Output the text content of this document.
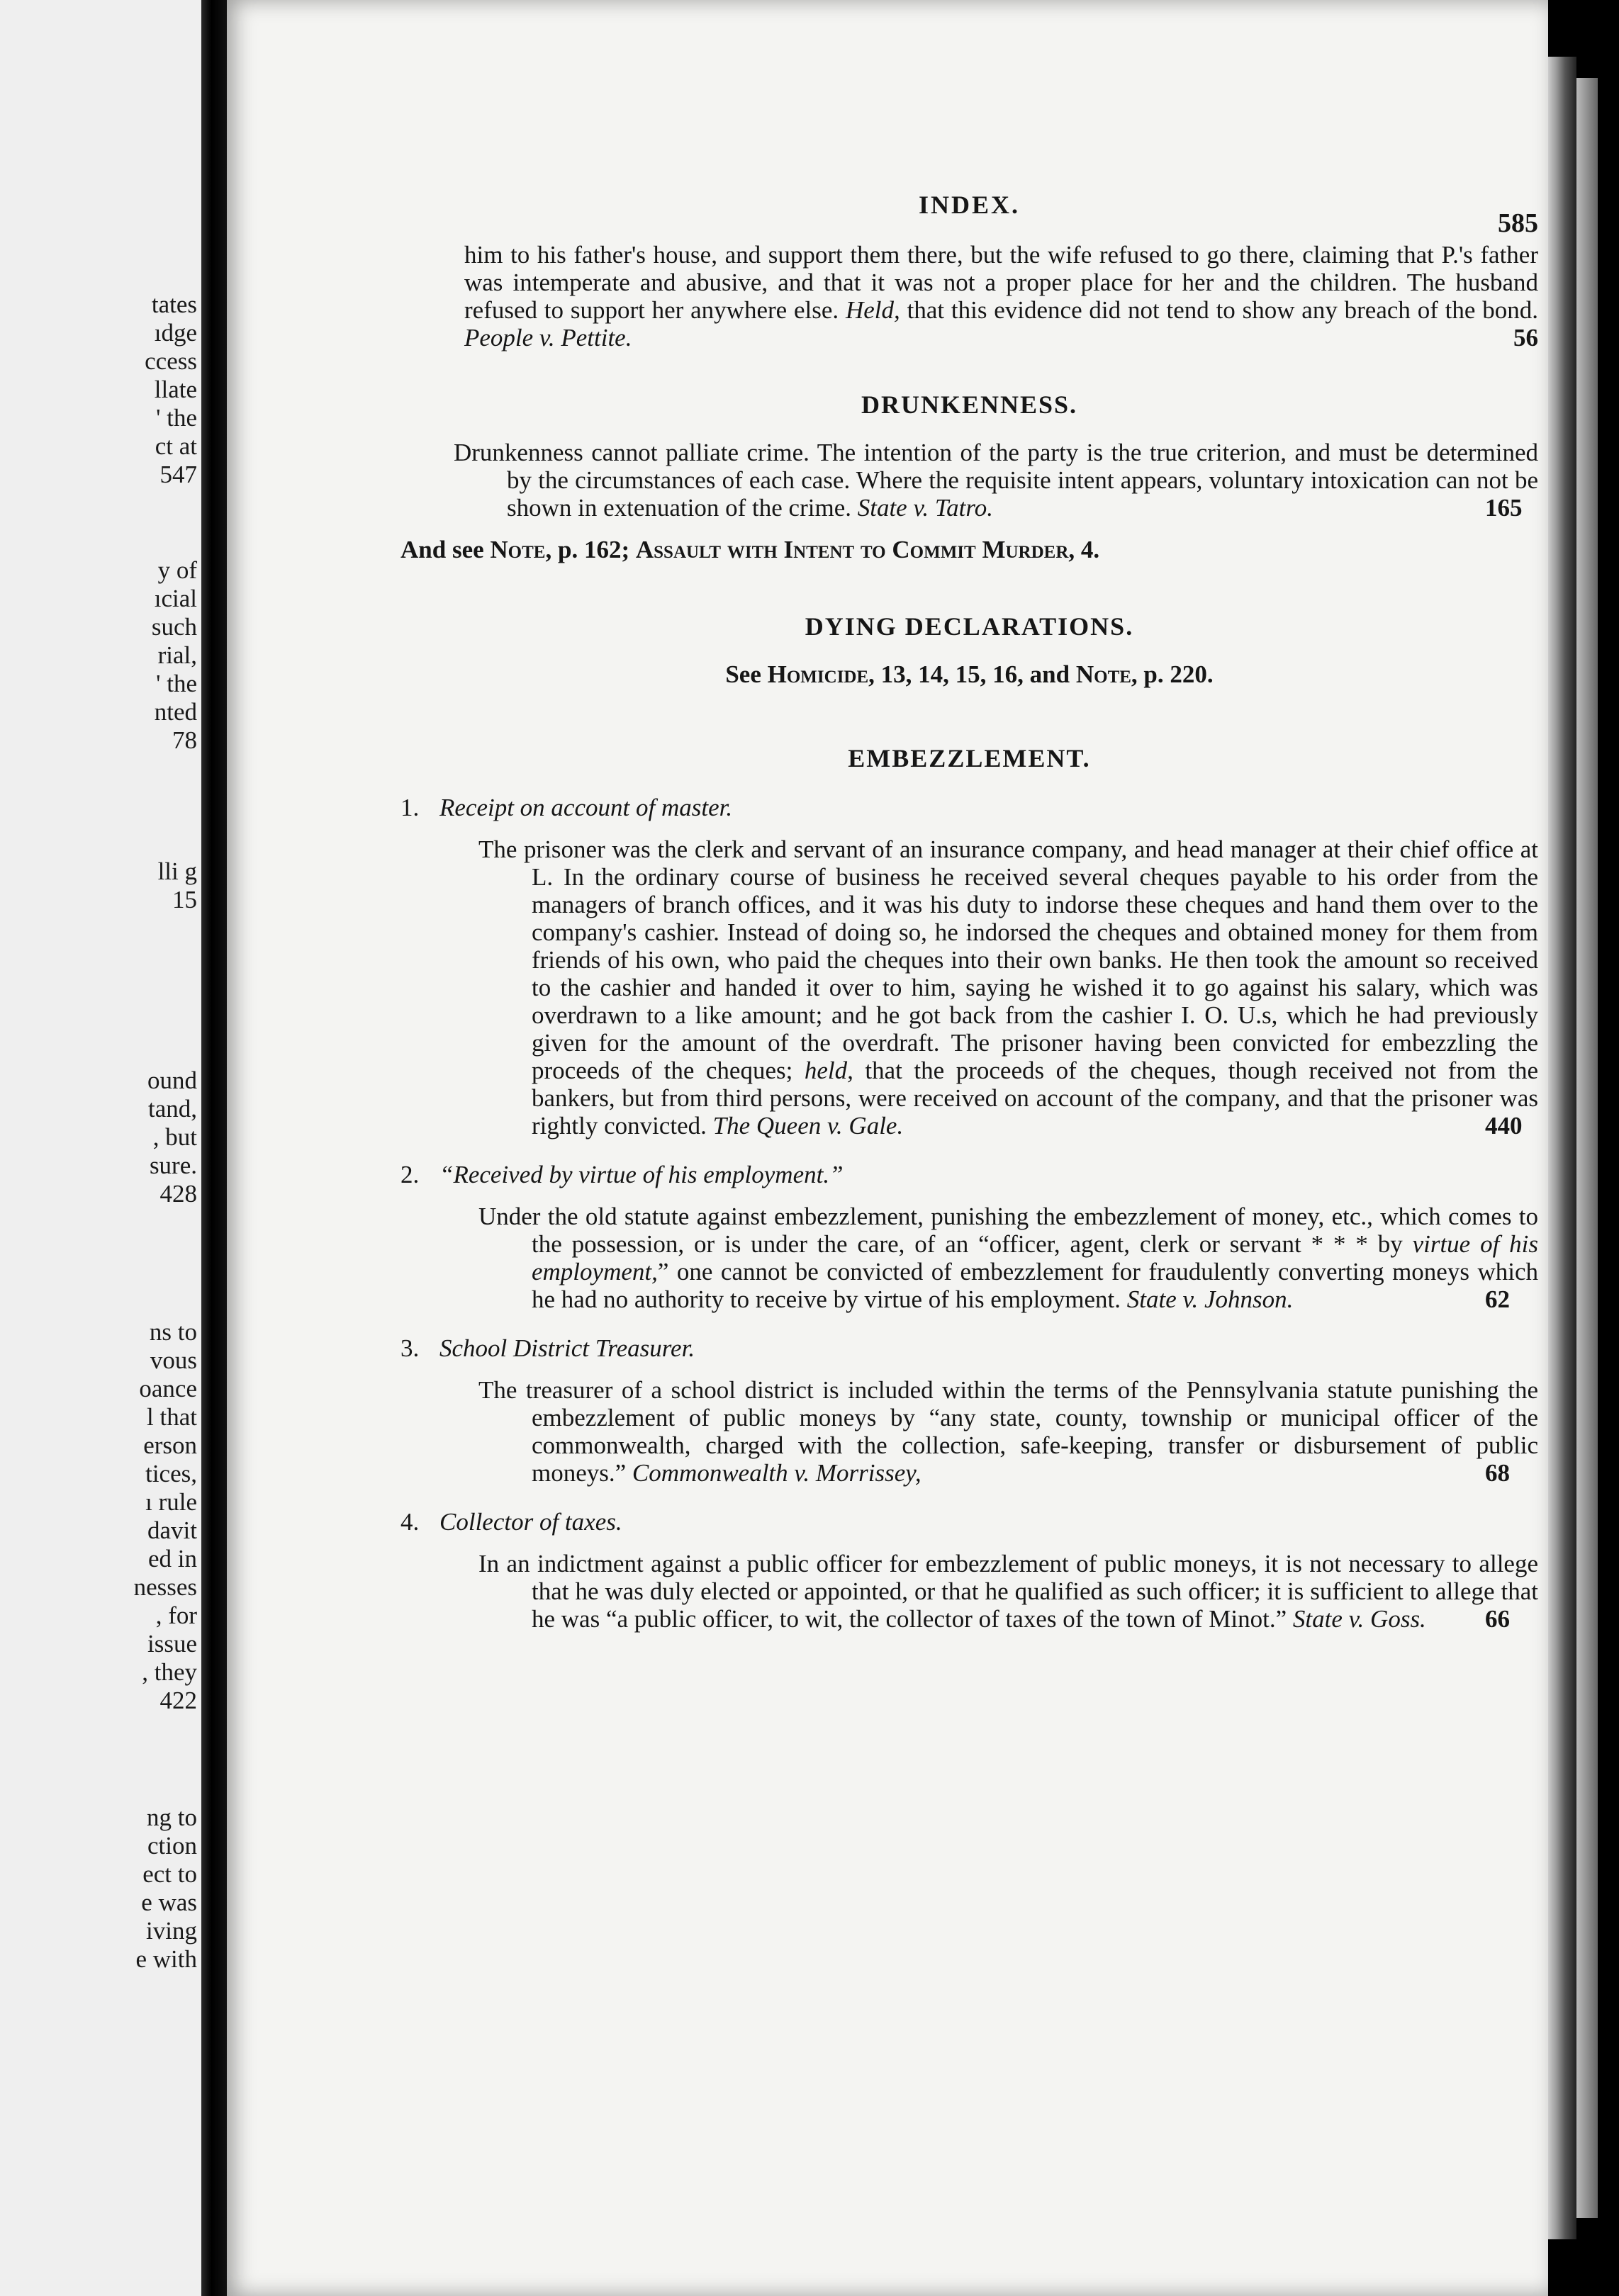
tates
ıdge
ccess
llate
' the
ct at
547
y of
ıcial
such
rial,
' the
nted
78
lli g
15
ound
tand,
, but
sure.
428
ns to
vous
oance
l that
erson
tices,
ı rule
davit
ed in
nesses
, for
issue
, they
422
ng to
ction
ect to
e was
iving
e with
INDEX.
585

him to his father's house, and support them there, but the wife refused to go there, claiming that P.'s father was intemperate and abusive, and that it was not a proper place for her and the children. The husband refused to support her anywhere else. Held, that this evidence did not tend to show any breach of the bond. People v. Pettite.	56

DRUNKENNESS.

Drunkenness cannot palliate crime. The intention of the party is the true criterion, and must be determined by the circumstances of each case. Where the requisite intent appears, voluntary intoxication can not be shown in extenuation of the crime. State v. Tatro.	165

And see Note, p. 162; Assault with Intent to Commit Murder, 4.

DYING DECLARATIONS.

See Homicide, 13, 14, 15, 16, and Note, p. 220.

EMBEZZLEMENT.
1. Receipt on account of master.

The prisoner was the clerk and servant of an insurance company, and head manager at their chief office at L. In the ordinary course of business he received several cheques payable to his order from the managers of branch offices, and it was his duty to indorse these cheques and hand them over to the company's cashier. Instead of doing so, he indorsed the cheques and obtained money for them from friends of his own, who paid the cheques into their own banks. He then took the amount so received to the cashier and handed it over to him, saying he wished it to go against his salary, which was overdrawn to a like amount; and he got back from the cashier I. O. U.s, which he had previously given for the amount of the overdraft. The prisoner having been convicted for embezzling the proceeds of the cheques; held, that the proceeds of the cheques, though received not from the bankers, but from third persons, were received on account of the company, and that the prisoner was rightly convicted. The Queen v. Gale.	440

2. “Received by virtue of his employment.”

Under the old statute against embezzlement, punishing the embezzlement of money, etc., which comes to the possession, or is under the care, of an “officer, agent, clerk or servant * * * by virtue of his employment,” one cannot be convicted of embezzlement for fraudulently converting moneys which he had no authority to receive by virtue of his employment. State v. Johnson.	62

3. School District Treasurer.

The treasurer of a school district is included within the terms of the Pennsylvania statute punishing the embezzlement of public moneys by “any state, county, township or municipal officer of the commonwealth, charged with the collection, safe-keeping, transfer or disbursement of public moneys.” Commonwealth v. Morrissey,	68

4. Collector of taxes.

In an indictment against a public officer for embezzlement of public moneys, it is not necessary to allege that he was duly elected or appointed, or that he qualified as such officer; it is sufficient to allege that he was “a public officer, to wit, the collector of taxes of the town of Minot.” State v. Goss. 66
